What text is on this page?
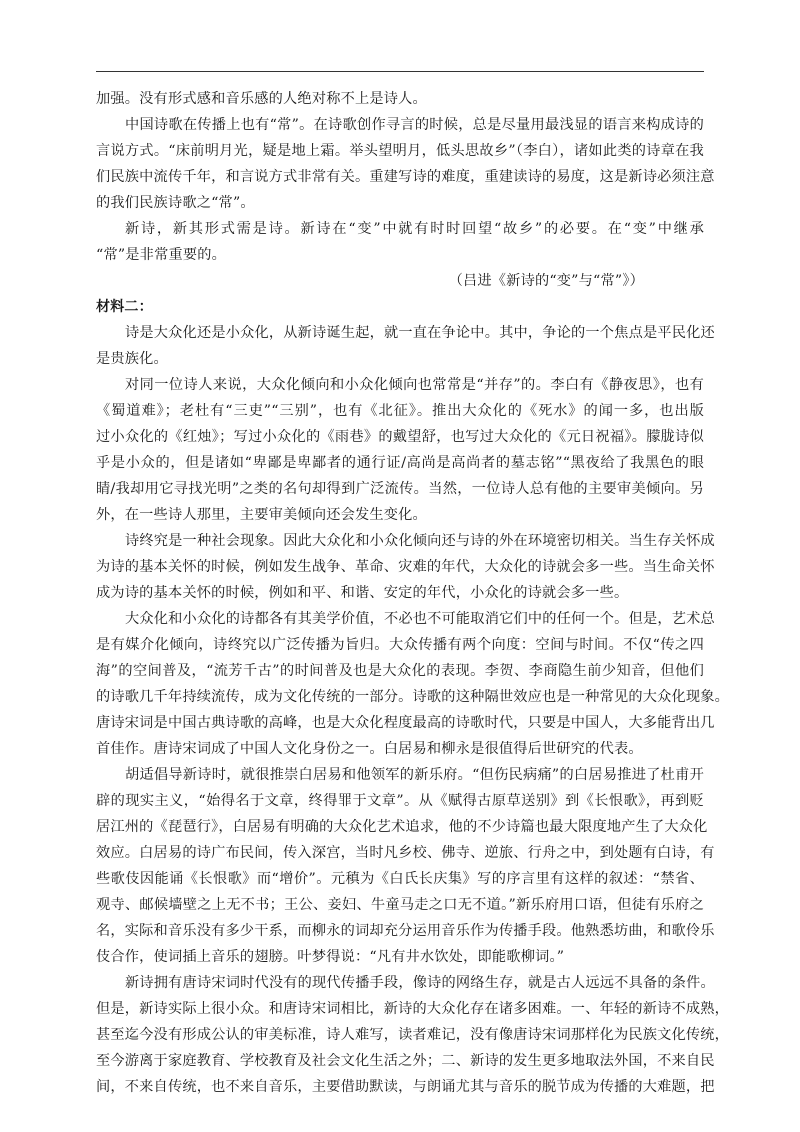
加强。没有形式感和音乐感的人绝对称不上是诗人。
中国诗歌在传播上也有“常”。在诗歌创作寻言的时候，总是尽量用最浅显的语言来构成诗的
言说方式。“床前明月光，疑是地上霜。举头望明月，低头思故乡”（李白），诸如此类的诗章在我
们民族中流传千年，和言说方式非常有关。重建写诗的难度，重建读诗的易度，这是新诗必须注意
的我们民族诗歌之“常”。
新诗，新其形式需是诗。新诗在“变”中就有时时回望“故乡”的必要。在“变”中继承
“常”是非常重要的。
（吕进《新诗的“变”与“常”》）
材料二：
诗是大众化还是小众化，从新诗诞生起，就一直在争论中。其中，争论的一个焦点是平民化还
是贵族化。
对同一位诗人来说，大众化倾向和小众化倾向也常常是“并存”的。李白有《静夜思》，也有
《蜀道难》；老杜有“三吏”“三别”，也有《北征》。推出大众化的《死水》的闻一多，也出版
过小众化的《红烛》；写过小众化的《雨巷》的戴望舒，也写过大众化的《元日祝福》。朦胧诗似
乎是小众的，但是诸如“卑鄙是卑鄙者的通行证/高尚是高尚者的墓志铭”“黑夜给了我黑色的眼
睛/我却用它寻找光明”之类的名句却得到广泛流传。当然，一位诗人总有他的主要审美倾向。另
外，在一些诗人那里，主要审美倾向还会发生变化。
诗终究是一种社会现象。因此大众化和小众化倾向还与诗的外在环境密切相关。当生存关怀成
为诗的基本关怀的时候，例如发生战争、革命、灾难的年代，大众化的诗就会多一些。当生命关怀
成为诗的基本关怀的时候，例如和平、和谐、安定的年代，小众化的诗就会多一些。
大众化和小众化的诗都各有其美学价值，不必也不可能取消它们中的任何一个。但是，艺术总
是有媒介化倾向，诗终究以广泛传播为旨归。大众传播有两个向度：空间与时间。不仅“传之四
海”的空间普及，“流芳千古”的时间普及也是大众化的表现。李贺、李商隐生前少知音，但他们
的诗歌几千年持续流传，成为文化传统的一部分。诗歌的这种隔世效应也是一种常见的大众化现象。
唐诗宋词是中国古典诗歌的高峰，也是大众化程度最高的诗歌时代，只要是中国人，大多能背出几
首佳作。唐诗宋词成了中国人文化身份之一。白居易和柳永是很值得后世研究的代表。
胡适倡导新诗时，就很推崇白居易和他领军的新乐府。“但伤民病痛”的白居易推进了杜甫开
辟的现实主义，“始得名于文章，终得罪于文章”。从《赋得古原草送别》到《长恨歌》，再到贬
居江州的《琵琶行》，白居易有明确的大众化艺术追求，他的不少诗篇也最大限度地产生了大众化
效应。白居易的诗广布民间，传入深宫，当时凡乡校、佛寺、逆旅、行舟之中，到处题有白诗，有
些歌伎因能诵《长恨歌》而“增价”。元稹为《白氏长庆集》写的序言里有这样的叙述：“禁省、
观寺、邮候墙壁之上无不书；王公、妾妇、牛童马走之口无不道。”新乐府用口语，但徒有乐府之
名，实际和音乐没有多少干系，而柳永的词却充分运用音乐作为传播手段。他熟悉坊曲，和歌伶乐
伎合作，使词插上音乐的翅膀。叶梦得说：“凡有井水饮处，即能歌柳词。”
新诗拥有唐诗宋词时代没有的现代传播手段，像诗的网络生存，就是古人远远不具备的条件。
但是，新诗实际上很小众。和唐诗宋词相比，新诗的大众化存在诸多困难。一、年轻的新诗不成熟，
甚至迄今没有形成公认的审美标准，诗人难写，读者难记，没有像唐诗宋词那样化为民族文化传统，
至今游离于家庭教育、学校教育及社会文化生活之外；二、新诗的发生更多地取法外国，不来自民
间，不来自传统，也不来自音乐，主要借助默读，与朗诵尤其与音乐的脱节成为传播的大难题，把
